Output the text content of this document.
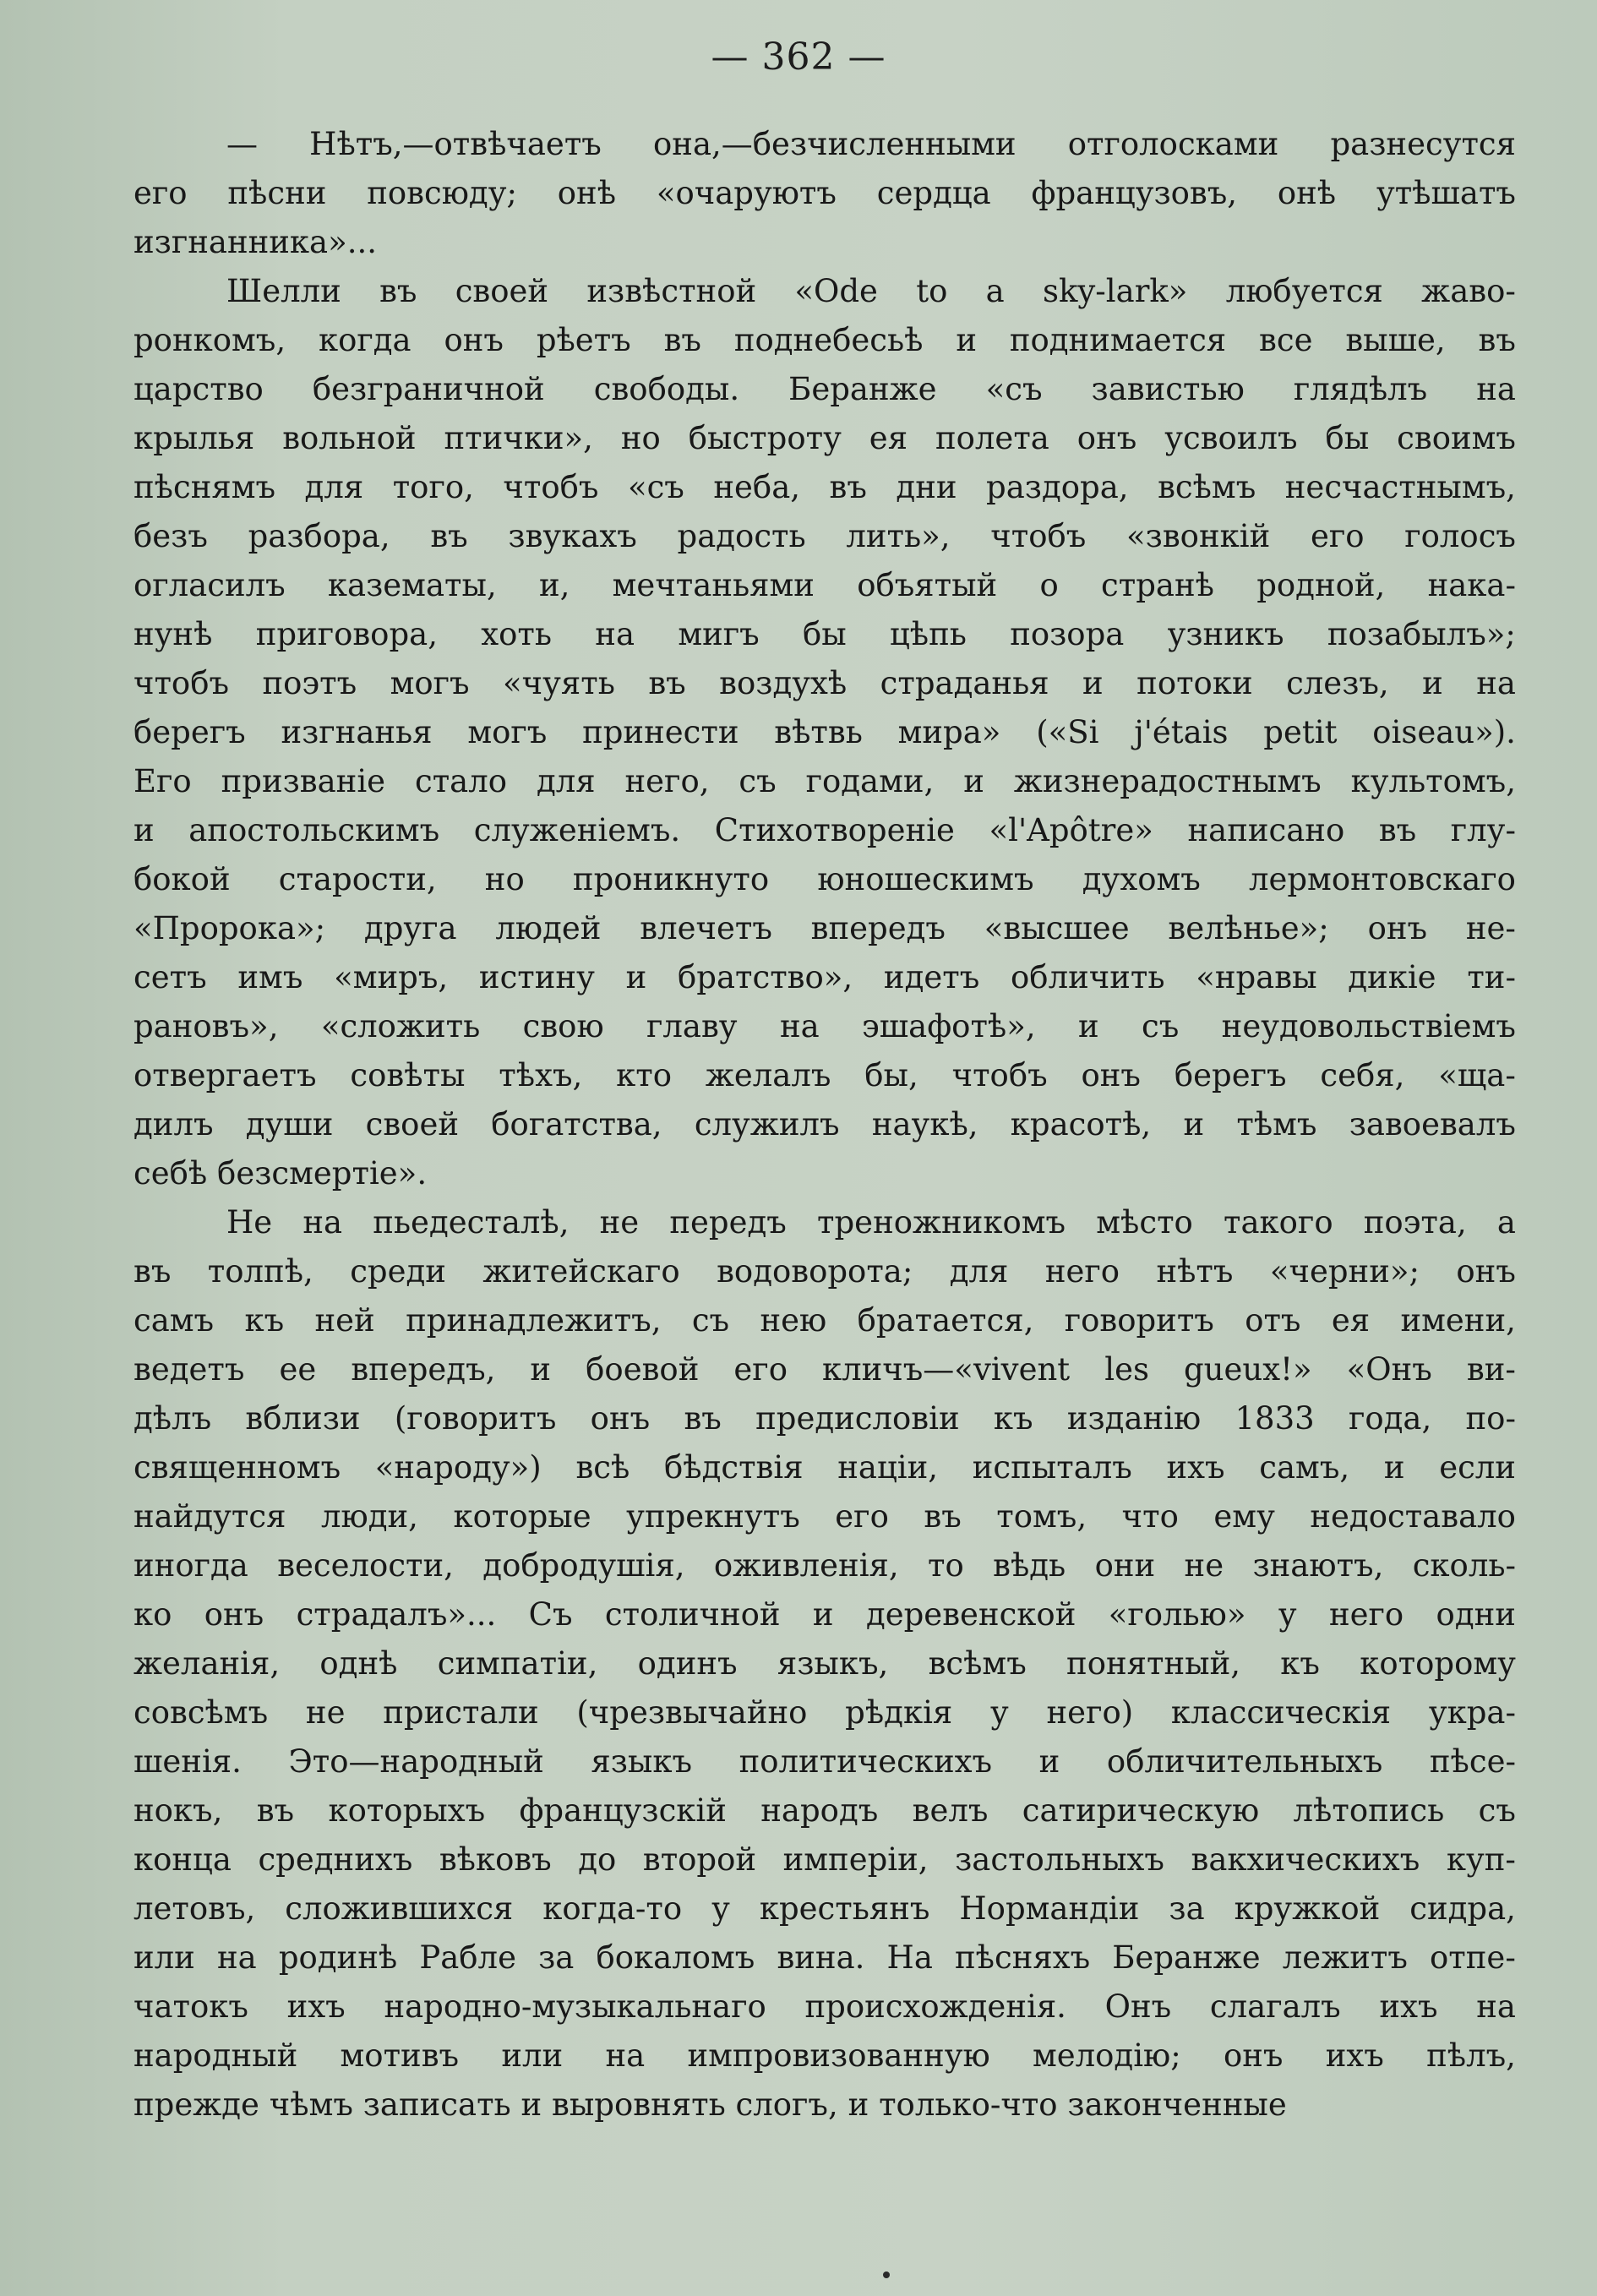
— 362 —
— Нѣтъ,—отвѣчаетъ она,—безчисленными отголосками разнесутся
его пѣсни повсюду; онѣ «очаруютъ сердца французовъ, онѣ утѣшатъ
изгнанника»...
Шелли въ своей извѣстной «Ode to a sky-lark» любуется жаво-
ронкомъ, когда онъ рѣетъ въ поднебесьѣ и поднимается все выше, въ
царство безграничной свободы. Беранже «съ завистью глядѣлъ на
крылья вольной птички», но быстроту ея полета онъ усвоилъ бы своимъ
пѣснямъ для того, чтобъ «съ неба, въ дни раздора, всѣмъ несчастнымъ,
безъ разбора, въ звукахъ радость лить», чтобъ «звонкій его голосъ
огласилъ казематы, и, мечтаньями объятый о странѣ родной, нака-
нунѣ приговора, хоть на мигъ бы цѣпь позора узникъ позабылъ»;
чтобъ поэтъ могъ «чуять въ воздухѣ страданья и потоки слезъ, и на
берегъ изгнанья могъ принести вѣтвь мира» («Si j'étais petit oiseau»).
Его призваніе стало для него, съ годами, и жизнерадостнымъ культомъ,
и апостольскимъ служеніемъ. Стихотвореніе «l'Apôtre» написано въ глу-
бокой старости, но проникнуто юношескимъ духомъ лермонтовскаго
«Пророка»; друга людей влечетъ впередъ «высшее велѣнье»; онъ не-
сетъ имъ «миръ, истину и братство», идетъ обличить «нравы дикіе ти-
рановъ», «сложить свою главу на эшафотѣ», и съ неудовольствіемъ
отвергаетъ совѣты тѣхъ, кто желалъ бы, чтобъ онъ берегъ себя, «ща-
дилъ души своей богатства, служилъ наукѣ, красотѣ, и тѣмъ завоевалъ
себѣ безсмертіе».
Не на пьедесталѣ, не передъ треножникомъ мѣсто такого поэта, а
въ толпѣ, среди житейскаго водоворота; для него нѣтъ «черни»; онъ
самъ къ ней принадлежитъ, съ нею братается, говоритъ отъ ея имени,
ведетъ ее впередъ, и боевой его кличъ—«vivent les gueux!» «Онъ ви-
дѣлъ вблизи (говоритъ онъ въ предисловіи къ изданію 1833 года, по-
священномъ «народу») всѣ бѣдствія націи, испыталъ ихъ самъ, и если
найдутся люди, которые упрекнутъ его въ томъ, что ему недоставало
иногда веселости, добродушія, оживленія, то вѣдь они не знаютъ, сколь-
ко онъ страдалъ»... Съ столичной и деревенской «голью» у него одни
желанія, однѣ симпатіи, одинъ языкъ, всѣмъ понятный, къ которому
совсѣмъ не пристали (чрезвычайно рѣдкія у него) классическія укра-
шенія. Это—народный языкъ политическихъ и обличительныхъ пѣсе-
нокъ, въ которыхъ французскій народъ велъ сатирическую лѣтопись съ
конца среднихъ вѣковъ до второй имперіи, застольныхъ вакхическихъ куп-
летовъ, сложившихся когда-то у крестьянъ Нормандіи за кружкой сидра,
или на родинѣ Рабле за бокаломъ вина. На пѣсняхъ Беранже лежитъ отпе-
чатокъ ихъ народно-музыкальнаго происхожденія. Онъ слагалъ ихъ на
народный мотивъ или на импровизованную мелодію; онъ ихъ пѣлъ,
прежде чѣмъ записать и выровнять слогъ, и только-что законченные
